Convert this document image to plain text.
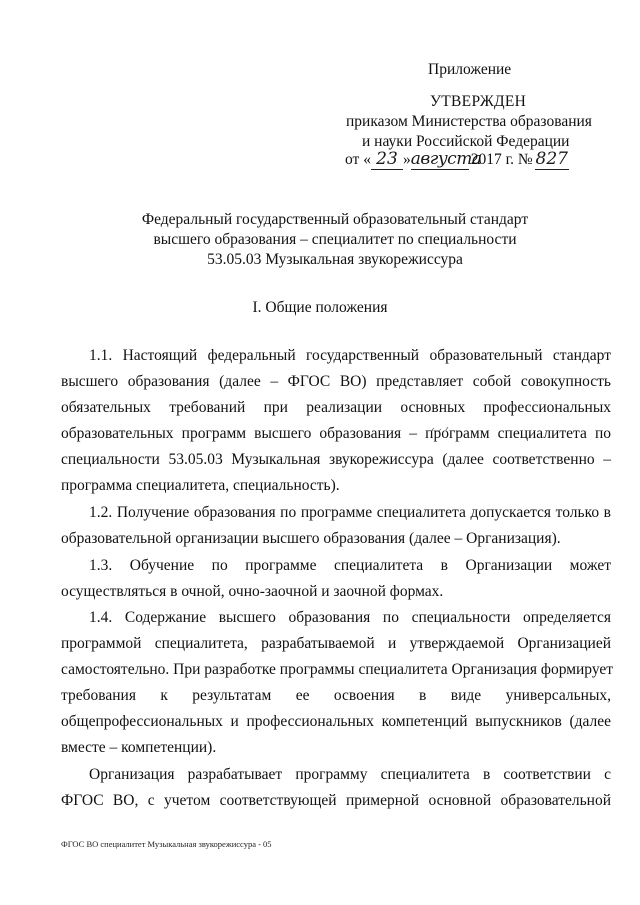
Приложение
УТВЕРЖДЕН
приказом Министерства образования
и науки Российской Федерации
от « 23 » августа
2017 г. № 827
Федеральный государственный образовательный стандарт
высшего образования – специалитет по специальности
53.05.03 Музыкальная звукорежиссура
I. Общие положения
1.1. Настоящий федеральный государственный образовательный стандарт
высшего образования (далее – ФГОС ВО) представляет собой совокупность
обязательных требований при реализации основных профессиональных
образовательных программ высшего образования – программ специалитета по
специальности 53.05.03 Музыкальная звукорежиссура (далее соответственно –
программа специалитета, специальность).
1.2. Получение образования по программе специалитета допускается только в
образовательной организации высшего образования (далее – Организация).
1.3. Обучение по программе специалитета в Организации может
осуществляться в очной, очно-заочной и заочной формах.
1.4. Содержание высшего образования по специальности определяется
программой специалитета, разрабатываемой и утверждаемой Организацией
самостоятельно. При разработке программы специалитета Организация формирует
требования к результатам ее освоения в виде универсальных,
общепрофессиональных и профессиональных компетенций выпускников (далее
вместе – компетенции).
Организация разрабатывает программу специалитета в соответствии с
ФГОС ВО, с учетом соответствующей примерной основной образовательной
ФГОС ВО специалитет Музыкальная звукорежиссура - 05
